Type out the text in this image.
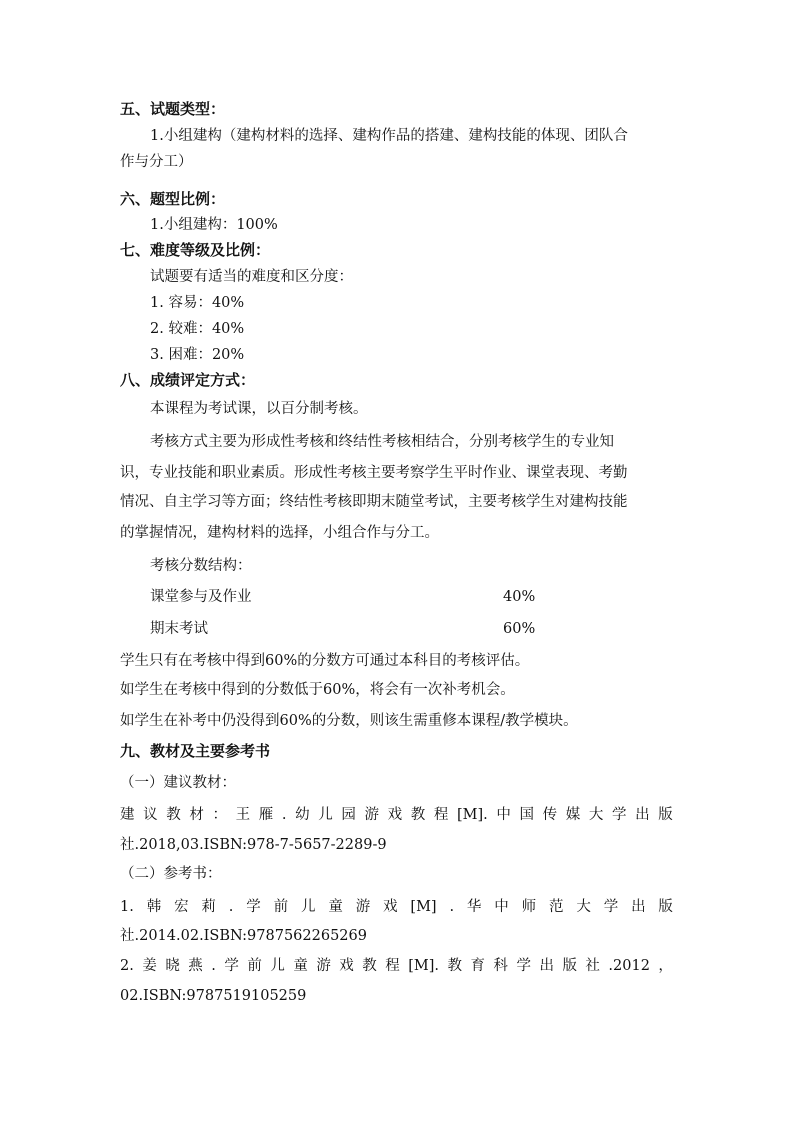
五、试题类型：
1.小组建构（建构材料的选择、建构作品的搭建、建构技能的体现、团队合
作与分工）
六、题型比例：
1.小组建构：100%
七、难度等级及比例：
试题要有适当的难度和区分度：
1. 容易：40%
2. 较难：40%
3. 困难：20%
八、成绩评定方式：
本课程为考试课，以百分制考核。
考核方式主要为形成性考核和终结性考核相结合，分别考核学生的专业知
识，专业技能和职业素质。形成性考核主要考察学生平时作业、课堂表现、考勤
情况、自主学习等方面；终结性考核即期末随堂考试，主要考核学生对建构技能
的掌握情况，建构材料的选择，小组合作与分工。
考核分数结构：
课堂参与及作业	40%
期末考试	60%
学生只有在考核中得到60%的分数方可通过本科目的考核评估。
如学生在考核中得到的分数低于60%，将会有一次补考机会。
如学生在补考中仍没得到60%的分数，则该生需重修本课程/教学模块。
九、教材及主要参考书
（一）建议教材：
建 议 教 材 ： 王 雁 . 幼 儿 园 游 戏 教 程 [M]. 中 国 传 媒 大 学 出 版
社.2018,03.ISBN:978-7-5657-2289-9
（二）参考书：
1. 韩 宏 莉 . 学 前 儿 童 游 戏 [M] . 华 中 师 范 大 学 出 版
社.2014.02.ISBN:9787562265269
2. 姜 晓 燕 . 学 前 儿 童 游 戏 教 程 [M]. 教 育 科 学 出 版 社 .2012 ，
02.ISBN:9787519105259
